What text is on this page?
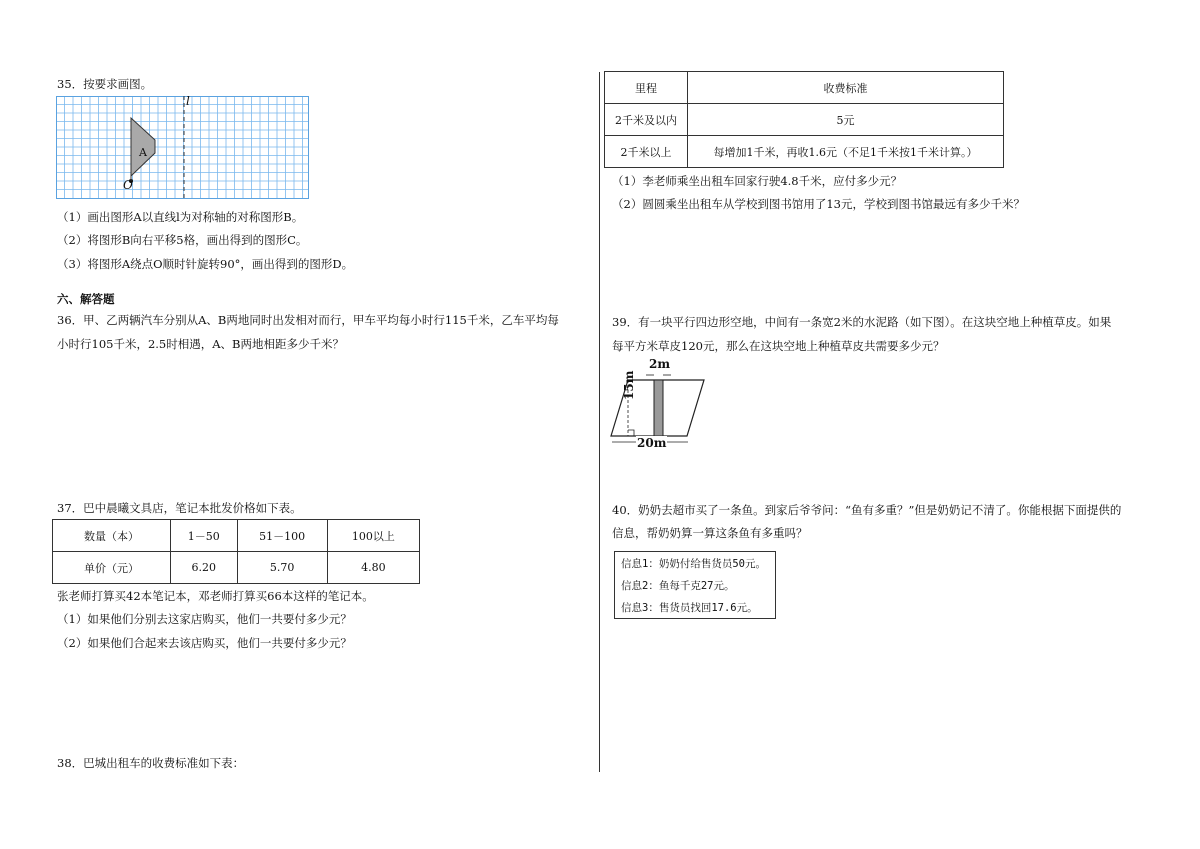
35．按要求画图。
l
A
O
（1）画出图形A以直线l为对称轴的对称图形B。
（2）将图形B向右平移5格，画出得到的图形C。
（3）将图形A绕点O顺时针旋转90°，画出得到的图形D。
六、解答题
36．甲、乙两辆汽车分别从A、B两地同时出发相对而行，甲车平均每小时行115千米，乙车平均每
小时行105千米，2.5时相遇，A、B两地相距多少千米？
37．巴中晨曦文具店，笔记本批发价格如下表。
数量（本）	1－50	51－100	100以上
单价（元）	6.20	5.70	4.80
张老师打算买42本笔记本，邓老师打算买66本这样的笔记本。
（1）如果他们分别去这家店购买，他们一共要付多少元？
（2）如果他们合起来去该店购买，他们一共要付多少元？
38．巴城出租车的收费标准如下表：
里程	收费标准
2千米及以内	5元
2千米以上	每增加1千米，再收1.6元（不足1千米按1千米计算。）
（1）李老师乘坐出租车回家行驶4.8千米，应付多少元？
（2）圆圆乘坐出租车从学校到图书馆用了13元，学校到图书馆最远有多少千米？
39．有一块平行四边形空地，中间有一条宽2米的水泥路（如下图）。在这块空地上种植草皮。如果
每平方米草皮120元，那么在这块空地上种植草皮共需要多少元？
2m
15m
20m
40．奶奶去超市买了一条鱼。到家后爷爷问：“鱼有多重？”但是奶奶记不清了。你能根据下面提供的
信息，帮奶奶算一算这条鱼有多重吗？
信息1：奶奶付给售货员50元。
信息2：鱼每千克27元。
信息3：售货员找回17.6元。
